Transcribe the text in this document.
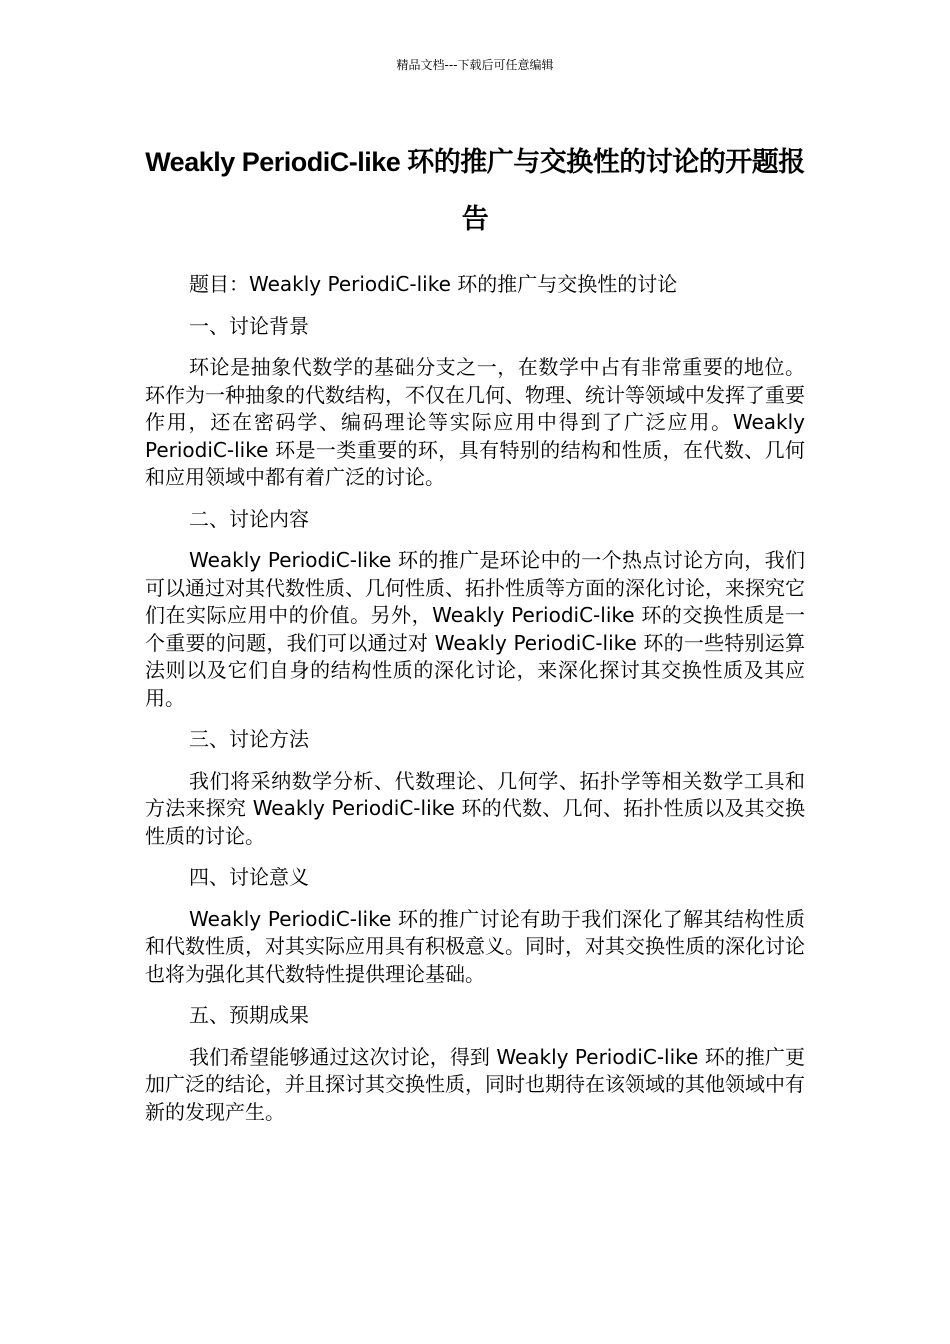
精品文档---下载后可任意编辑
Weakly PeriodiC-like 环的推广与交换性的讨论的开题报告

题目：Weakly PeriodiC-like 环的推广与交换性的讨论

一、讨论背景

环论是抽象代数学的基础分支之一，在数学中占有非常重要的地位。环作为一种抽象的代数结构，不仅在几何、物理、统计等领域中发挥了重要作用，还在密码学、编码理论等实际应用中得到了广泛应用。Weakly PeriodiC-like 环是一类重要的环，具有特别的结构和性质，在代数、几何和应用领域中都有着广泛的讨论。

二、讨论内容

Weakly PeriodiC-like 环的推广是环论中的一个热点讨论方向，我们可以通过对其代数性质、几何性质、拓扑性质等方面的深化讨论，来探究它们在实际应用中的价值。另外，Weakly PeriodiC-like 环的交换性质是一个重要的问题，我们可以通过对 Weakly PeriodiC-like 环的一些特别运算法则以及它们自身的结构性质的深化讨论，来深化探讨其交换性质及其应用。

三、讨论方法

我们将采纳数学分析、代数理论、几何学、拓扑学等相关数学工具和方法来探究 Weakly PeriodiC-like 环的代数、几何、拓扑性质以及其交换性质的讨论。

四、讨论意义

Weakly PeriodiC-like 环的推广讨论有助于我们深化了解其结构性质和代数性质，对其实际应用具有积极意义。同时，对其交换性质的深化讨论也将为强化其代数特性提供理论基础。

五、预期成果

我们希望能够通过这次讨论，得到 Weakly PeriodiC-like 环的推广更加广泛的结论，并且探讨其交换性质，同时也期待在该领域的其他领域中有新的发现产生。
